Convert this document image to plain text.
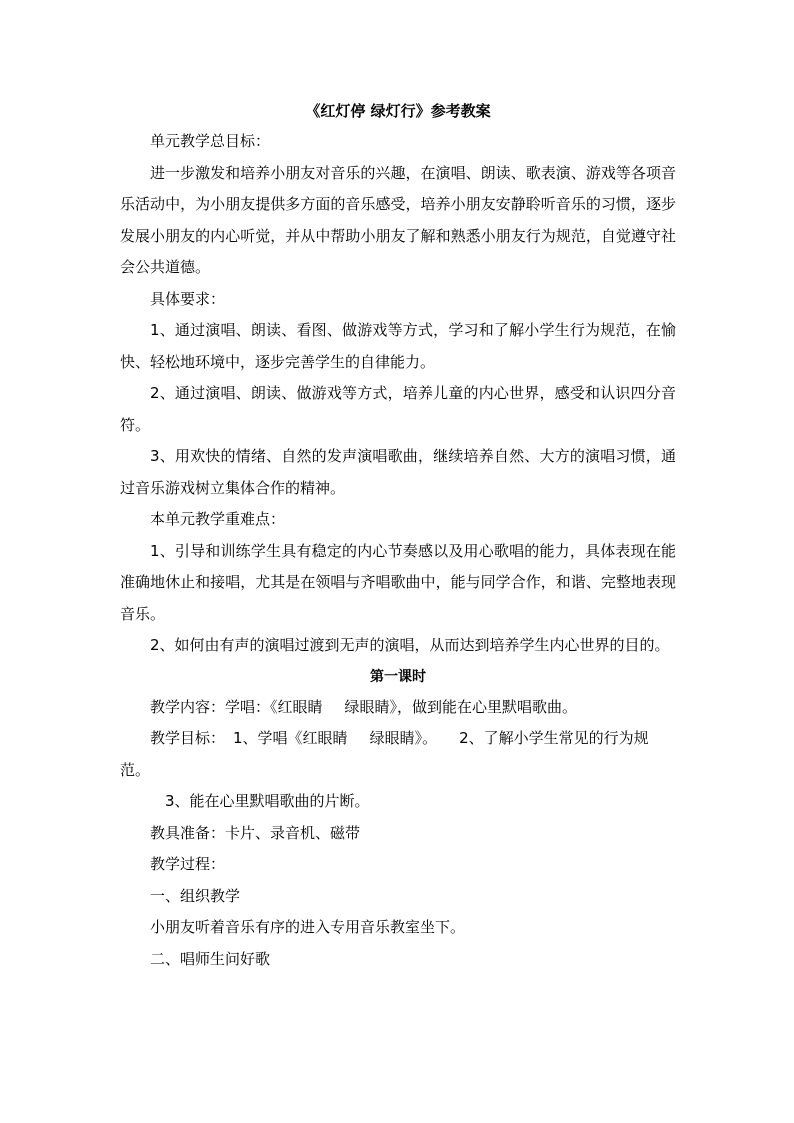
《红灯停 绿灯行》参考教案

单元教学总目标：

进一步激发和培养小朋友对音乐的兴趣，在演唱、朗读、歌表演、游戏等各项音乐活动中，为小朋友提供多方面的音乐感受，培养小朋友安静聆听音乐的习惯，逐步发展小朋友的内心听觉，并从中帮助小朋友了解和熟悉小朋友行为规范，自觉遵守社会公共道德。

具体要求：

1、通过演唱、朗读、看图、做游戏等方式，学习和了解小学生行为规范，在愉快、轻松地环境中，逐步完善学生的自律能力。

2、通过演唱、朗读、做游戏等方式，培养儿童的内心世界，感受和认识四分音符。

3、用欢快的情绪、自然的发声演唱歌曲，继续培养自然、大方的演唱习惯，通过音乐游戏树立集体合作的精神。

本单元教学重难点：

1、引导和训练学生具有稳定的内心节奏感以及用心歌唱的能力，具体表现在能准确地休止和接唱，尤其是在领唱与齐唱歌曲中，能与同学合作，和谐、完整地表现音乐。

2、如何由有声的演唱过渡到无声的演唱，从而达到培养学生内心世界的目的。

第一课时

教学内容：学唱：《红眼睛 绿眼睛》，做到能在心里默唱歌曲。

教学目标： 1、学唱《红眼睛 绿眼睛》。 2、了解小学生常见的行为规范。

3、能在心里默唱歌曲的片断。

教具准备：卡片、录音机、磁带

教学过程：

一、组织教学

小朋友听着音乐有序的进入专用音乐教室坐下。

二、唱师生问好歌
